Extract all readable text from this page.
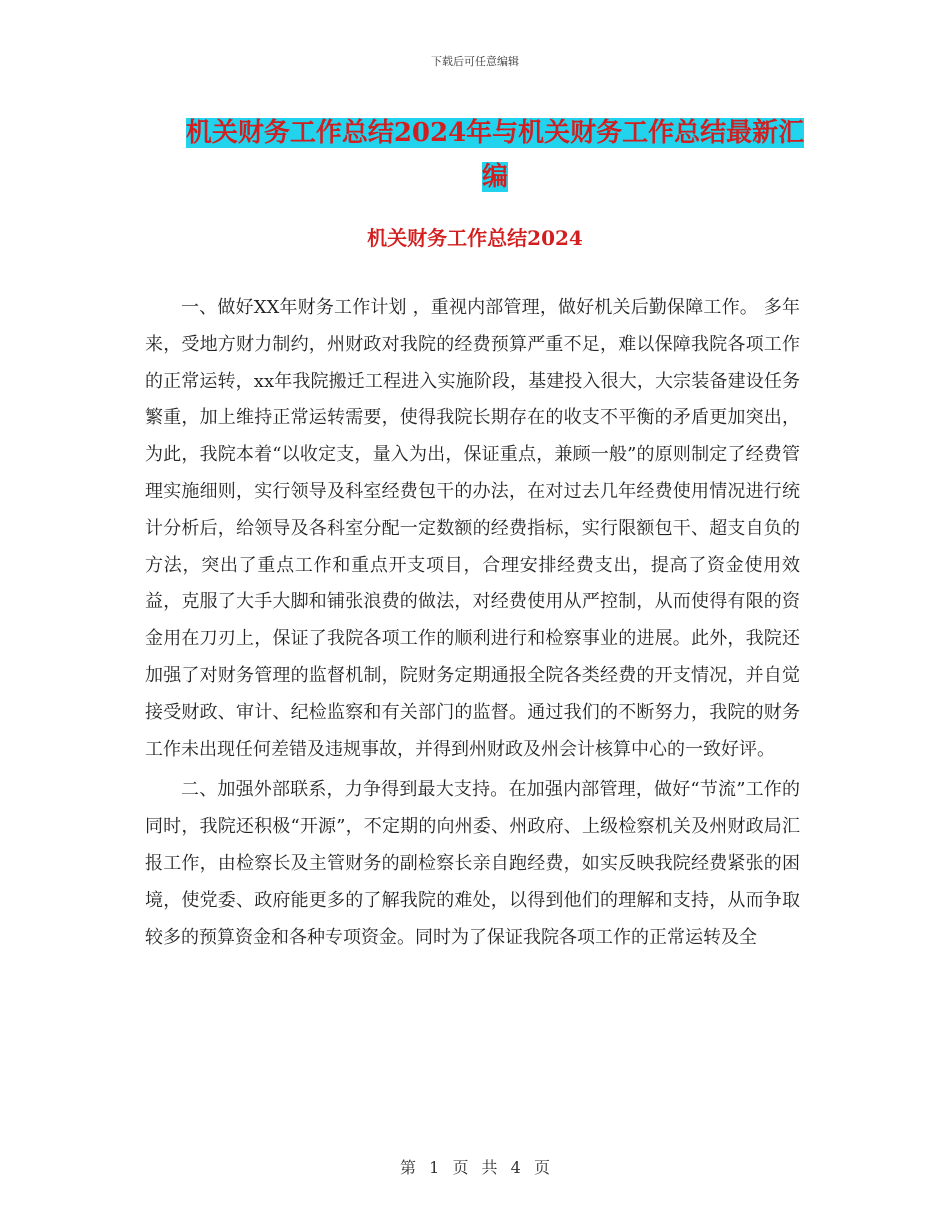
下载后可任意编辑
机关财务工作总结2024年与机关财务工作总结最新汇
编
机关财务工作总结2024

一、做好XX年财务工作计划 ，重视内部管理，做好机关后勤保障工作。 多年来，受地方财力制约，州财政对我院的经费预算严重不足，难以保障我院各项工作的正常运转，xx年我院搬迁工程进入实施阶段，基建投入很大，大宗装备建设任务繁重，加上维持正常运转需要，使得我院长期存在的收支不平衡的矛盾更加突出，为此，我院本着“以收定支，量入为出，保证重点，兼顾一般”的原则制定了经费管理实施细则，实行领导及科室经费包干的办法，在对过去几年经费使用情况进行统计分析后，给领导及各科室分配一定数额的经费指标，实行限额包干、超支自负的方法，突出了重点工作和重点开支项目，合理安排经费支出，提高了资金使用效益，克服了大手大脚和铺张浪费的做法，对经费使用从严控制，从而使得有限的资金用在刀刃上，保证了我院各项工作的顺利进行和检察事业的进展。此外，我院还加强了对财务管理的监督机制，院财务定期通报全院各类经费的开支情况，并自觉接受财政、审计、纪检监察和有关部门的监督。通过我们的不断努力，我院的财务工作未出现任何差错及违规事故，并得到州财政及州会计核算中心的一致好评。

二、加强外部联系，力争得到最大支持。在加强内部管理，做好“节流”工作的同时，我院还积极“开源”，不定期的向州委、州政府、上级检察机关及州财政局汇报工作，由检察长及主管财务的副检察长亲自跑经费，如实反映我院经费紧张的困境，使党委、政府能更多的了解我院的难处，以得到他们的理解和支持，从而争取较多的预算资金和各种专项资金。同时为了保证我院各项工作的正常运转及全

第 1 页 共 4 页
